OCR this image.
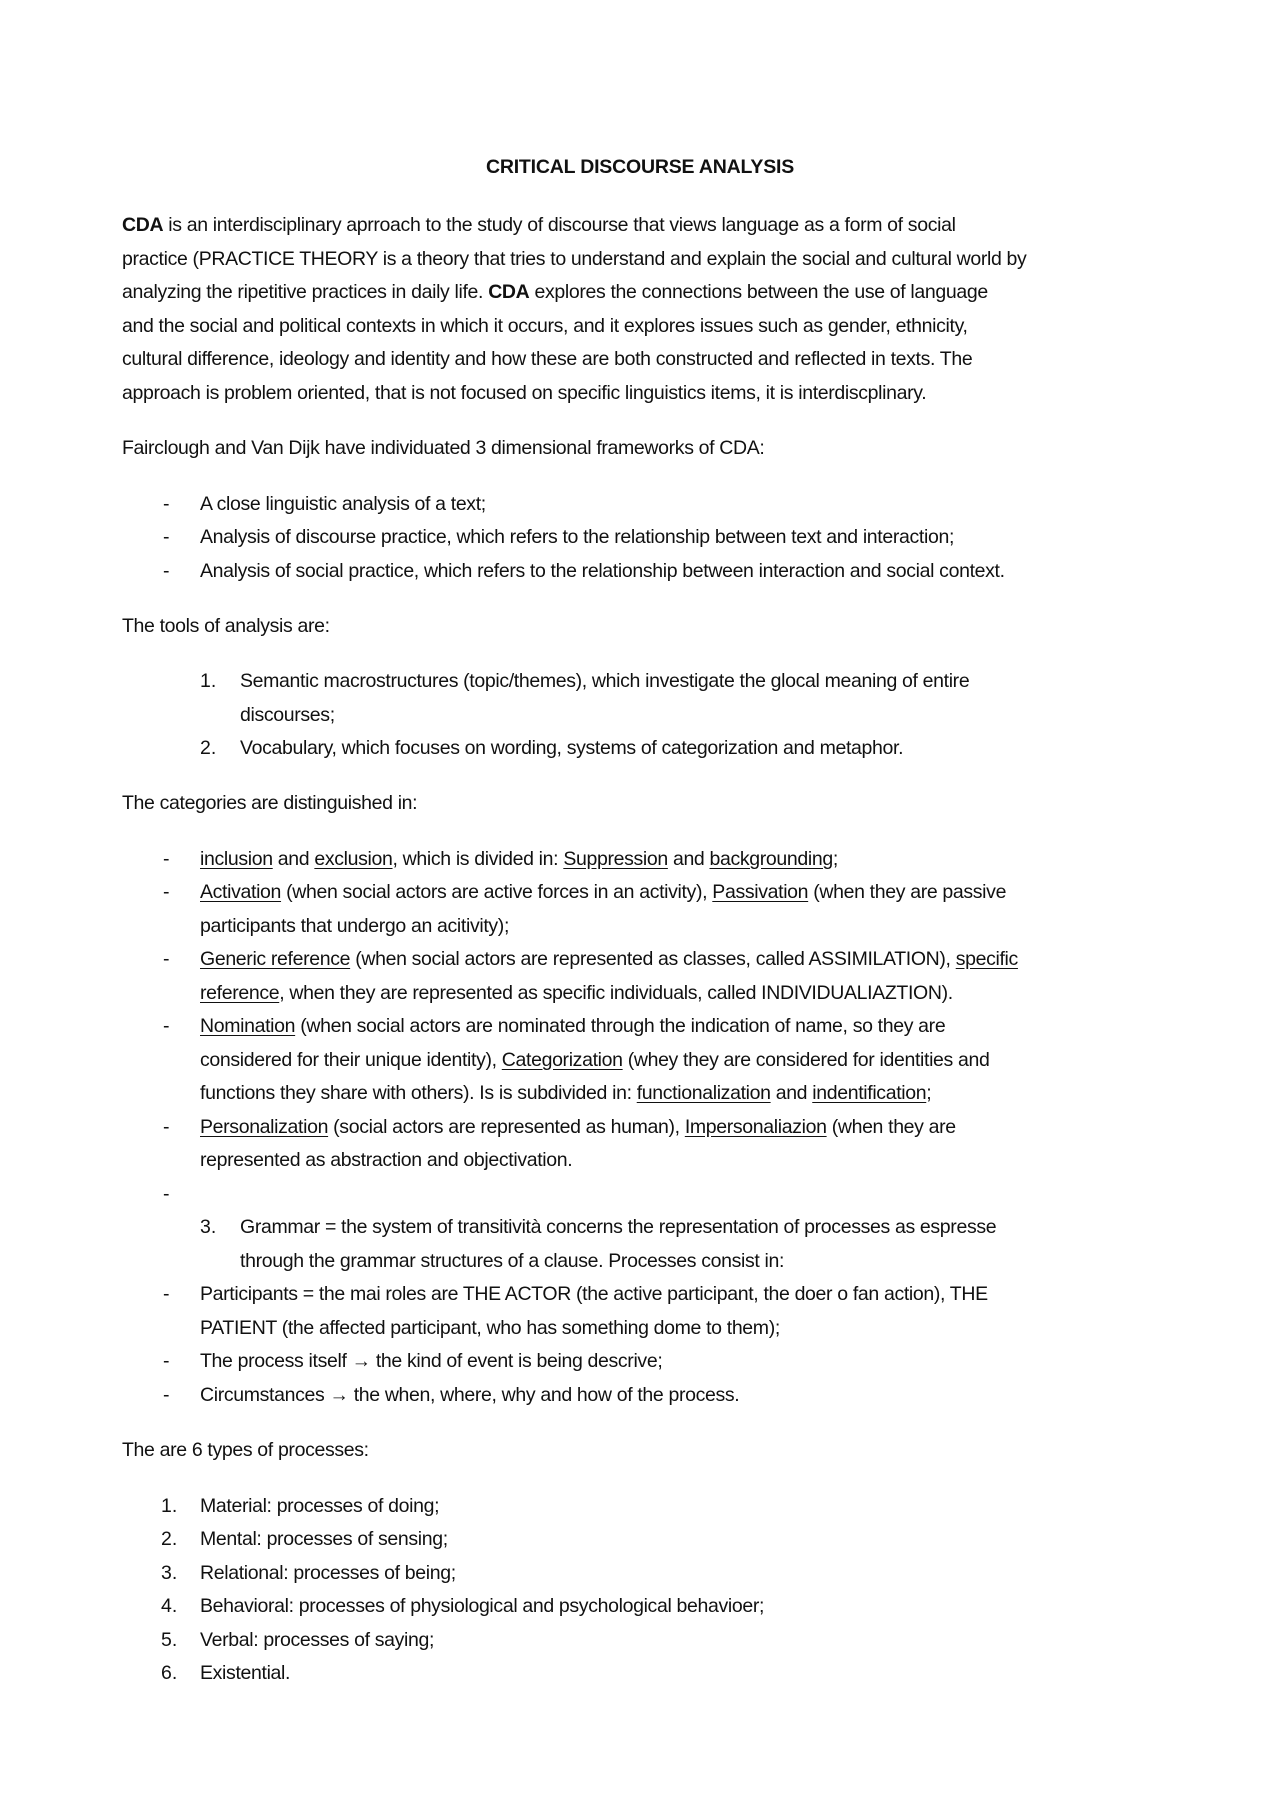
CRITICAL DISCOURSE ANALYSIS
CDA is an interdisciplinary aprroach to the study of discourse that views language as a form of social
practice (PRACTICE THEORY is a theory that tries to understand and explain the social and cultural world by
analyzing the ripetitive practices in daily life. CDA explores the connections between the use of language
and the social and political contexts in which it occurs, and it explores issues such as gender, ethnicity,
cultural difference, ideology and identity and how these are both constructed and reflected in texts. The
approach is problem oriented, that is not focused on specific linguistics items, it is interdiscplinary.
Fairclough and Van Dijk have individuated 3 dimensional frameworks of CDA:
- A close linguistic analysis of a text;
- Analysis of discourse practice, which refers to the relationship between text and interaction;
- Analysis of social practice, which refers to the relationship between interaction and social context.
The tools of analysis are:
1. Semantic macrostructures (topic/themes), which investigate the glocal meaning of entire
discourses;
2. Vocabulary, which focuses on wording, systems of categorization and metaphor.
The categories are distinguished in:
- inclusion and exclusion, which is divided in: Suppression and backgrounding;
- Activation (when social actors are active forces in an activity), Passivation (when they are passive
participants that undergo an acitivity);
- Generic reference (when social actors are represented as classes, called ASSIMILATION), specific
reference, when they are represented as specific individuals, called INDIVIDUALIAZTION).
- Nomination (when social actors are nominated through the indication of name, so they are
considered for their unique identity), Categorization (whey they are considered for identities and
functions they share with others). Is is subdivided in: functionalization and indentification;
- Personalization (social actors are represented as human), Impersonaliazion (when they are
represented as abstraction and objectivation.
-
3. Grammar = the system of transitività concerns the representation of processes as espresse
through the grammar structures of a clause. Processes consist in:
- Participants = the mai roles are THE ACTOR (the active participant, the doer o fan action), THE
PATIENT (the affected participant, who has something dome to them);
- The process itself → the kind of event is being descrive;
- Circumstances → the when, where, why and how of the process.
The are 6 types of processes:
1. Material: processes of doing;
2. Mental: processes of sensing;
3. Relational: processes of being;
4. Behavioral: processes of physiological and psychological behavioer;
5. Verbal: processes of saying;
6. Existential.
